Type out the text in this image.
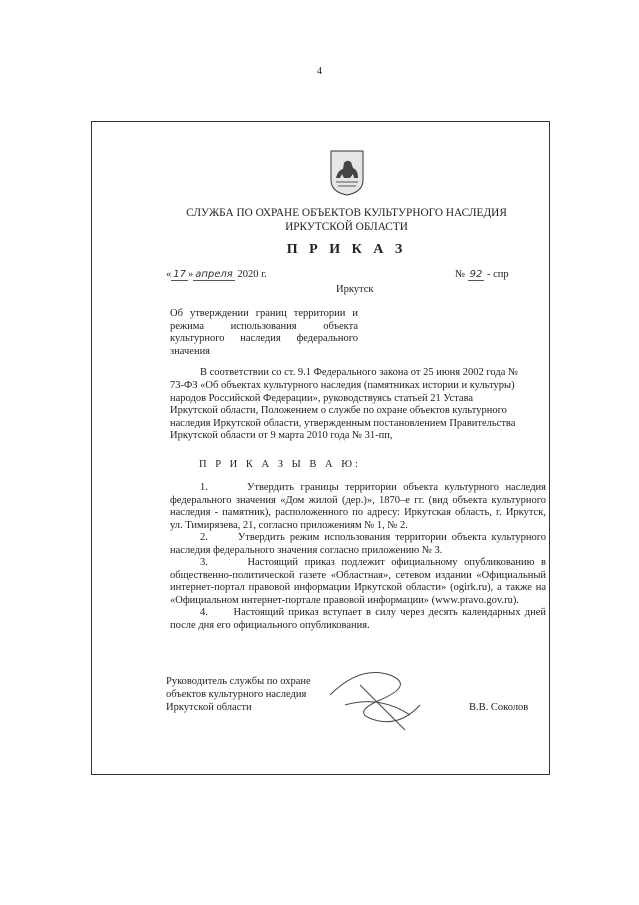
4
СЛУЖБА ПО ОХРАНЕ ОБЪЕКТОВ КУЛЬТУРНОГО НАСЛЕДИЯ
ИРКУТСКОЙ ОБЛАСТИ
П Р И К А З
« 17 » апреля 2020 г.	№ 92 - спр
Иркутск
Об утверждении границ территории и режима использования объекта культурного наследия федерального значения
В соответствии со ст. 9.1 Федерального закона от 25 июня 2002 года №
73-ФЗ «Об объектах культурного наследия (памятниках истории и культуры)
народов Российской Федерации», руководствуясь статьей 21 Устава
Иркутской области, Положением о службе по охране объектов культурного
наследия Иркутской области, утвержденным постановлением Правительства
Иркутской области от 9 марта 2010 года № 31-пп,
П Р И К А З Ы В А Ю:
1.      Утвердить границы территории объекта культурного наследия федерального значения «Дом жилой (дер.)», 1870–е гг. (вид объекта культурного наследия - памятник), расположенного по адресу: Иркутская область, г. Иркутск, ул. Тимирязева, 21, согласно приложениям № 1, № 2.
2.      Утвердить режим использования территории объекта культурного наследия федерального значения согласно приложению № 3.
3.      Настоящий приказ подлежит официальному опубликованию в общественно-политической газете «Областная», сетевом издании «Официальный интернет-портал правовой информации Иркутской области» (ogirk.ru), а также на «Официальном интернет-портале правовой информации» (www.pravo.gov.ru).
4.      Настоящий приказ вступает в силу через десять календарных дней после дня его официального опубликования.
Руководитель службы по охране
объектов культурного наследия
Иркутской области	В.В. Соколов
